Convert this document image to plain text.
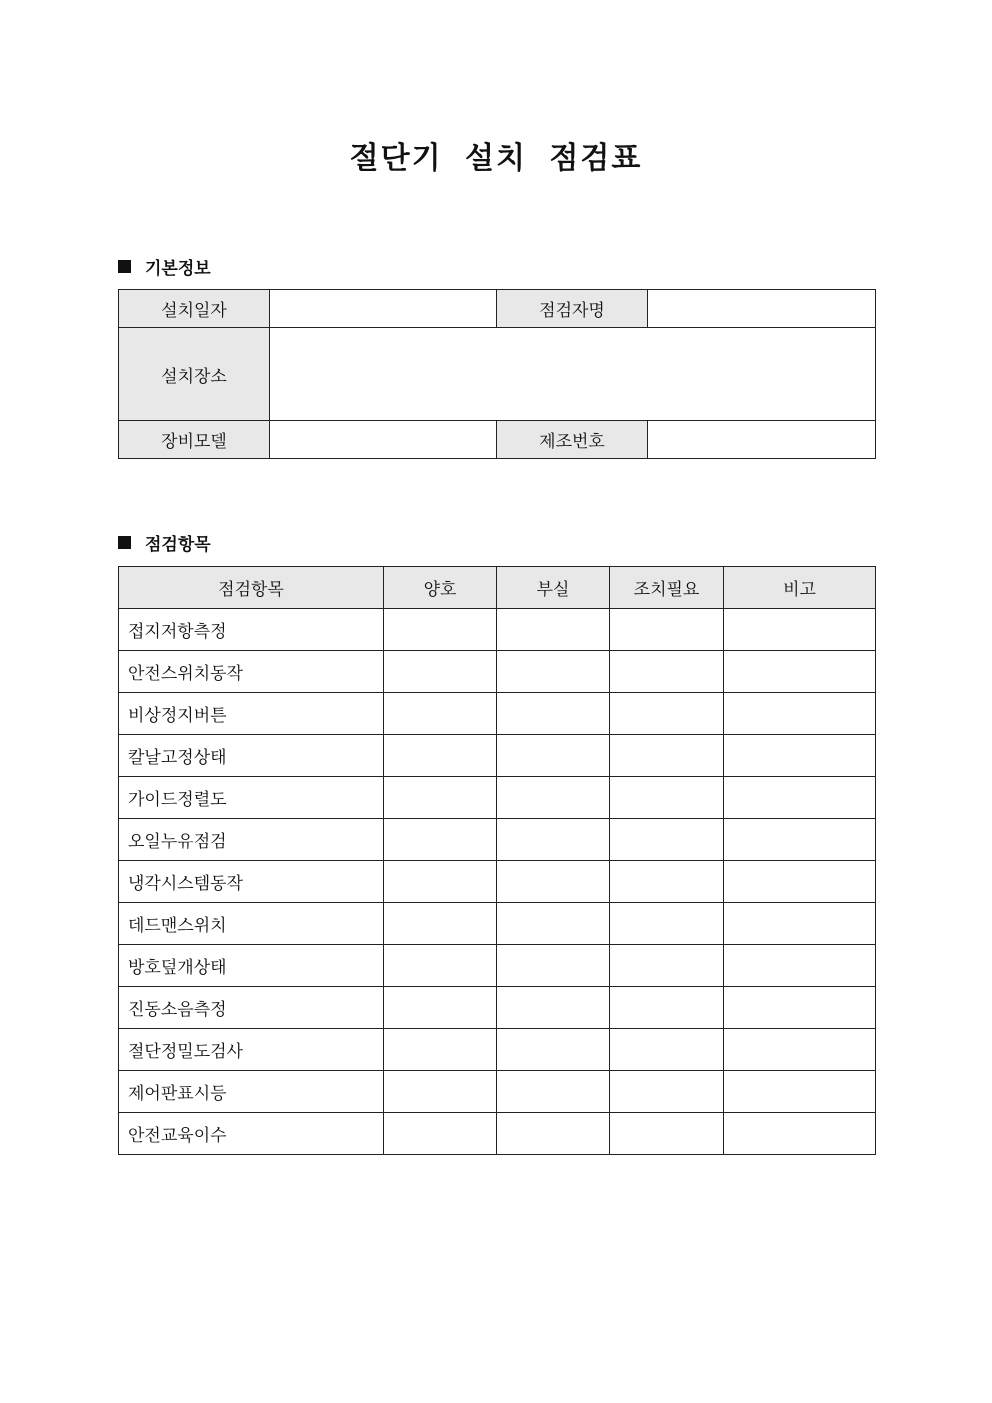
절단기 설치 점검표
기본정보
설치일자		점검자명	
설치장소			
장비모델		제조번호	
점검항목
점검항목	양호	부실	조치필요	비고
접지저항측정				
안전스위치동작				
비상정지버튼				
칼날고정상태				
가이드정렬도				
오일누유점검				
냉각시스템동작				
데드맨스위치				
방호덮개상태				
진동소음측정				
절단정밀도검사				
제어판표시등				
안전교육이수				
